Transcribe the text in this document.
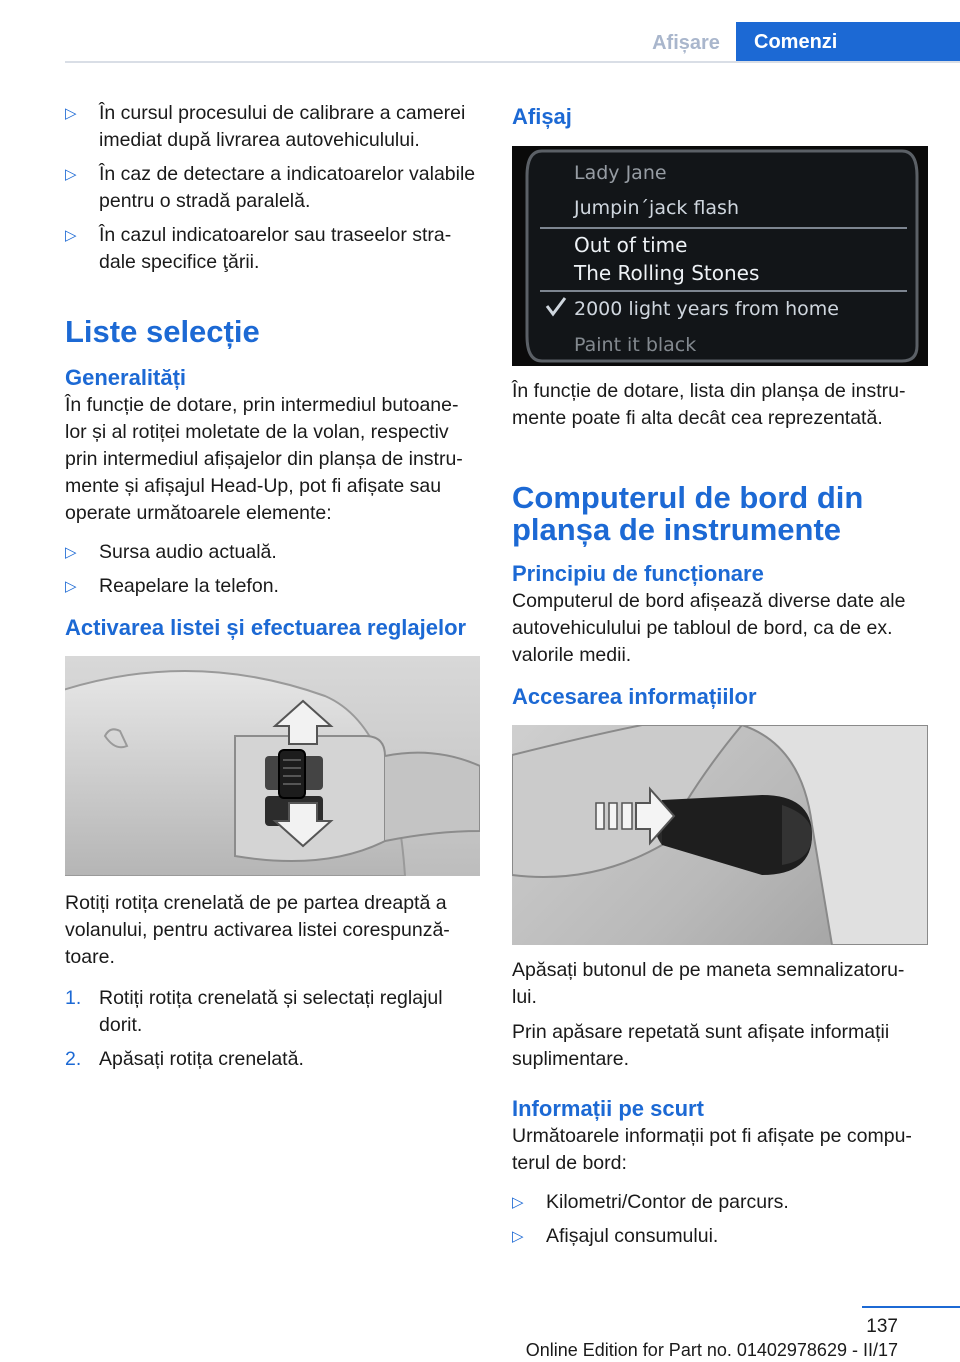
Afișare	Comenzi
▷ În cursul procesului de calibrare a camerei imediat după livrarea autovehiculului.
▷ În caz de detectare a indicatoarelor valabile pentru o stradă paralelă.
▷ În cazul indicatoarelor sau traseelor stra‐dale specifice ţării.
Liste selecție
Generalități

În funcție de dotare, prin intermediul butoane‐lor și al rotiței moletate de la volan, respectiv prin intermediul afișajelor din planșa de instru‐mente și afișajul Head-Up, pot fi afișate sau operate următoarele elemente:

▷ Sursa audio actuală.
▷ Reapelare la telefon.
Activarea listei și efectuarea reglajelor

Rotiți rotița crenelată de pe partea dreaptă a volanului, pentru activarea listei corespunză‐toare.

1. Rotiți rotița crenelată și selectați reglajul dorit.
2. Apăsați rotița crenelată.
Afișaj
Lady Jane
Jumpin´jack flash
Out of time
The Rolling Stones
2000 light years from home
Paint it black

În funcție de dotare, lista din planșa de instru‐mente poate fi alta decât cea reprezentată.

Computerul de bord din planșa de instrumente
Principiu de funcționare

Computerul de bord afișează diverse date ale autovehiculului pe tabloul de bord, ca de ex. valorile medii.

Accesarea informațiilor

Apăsați butonul de pe maneta semnalizatoru‐lui.

Prin apăsare repetată sunt afișate informații suplimentare.

Informații pe scurt

Următoarele informații pot fi afișate pe compu‐terul de bord:

▷ Kilometri/Contor de parcurs.
▷ Afișajul consumului.
137
Online Edition for Part no. 01402978629 - II/17
